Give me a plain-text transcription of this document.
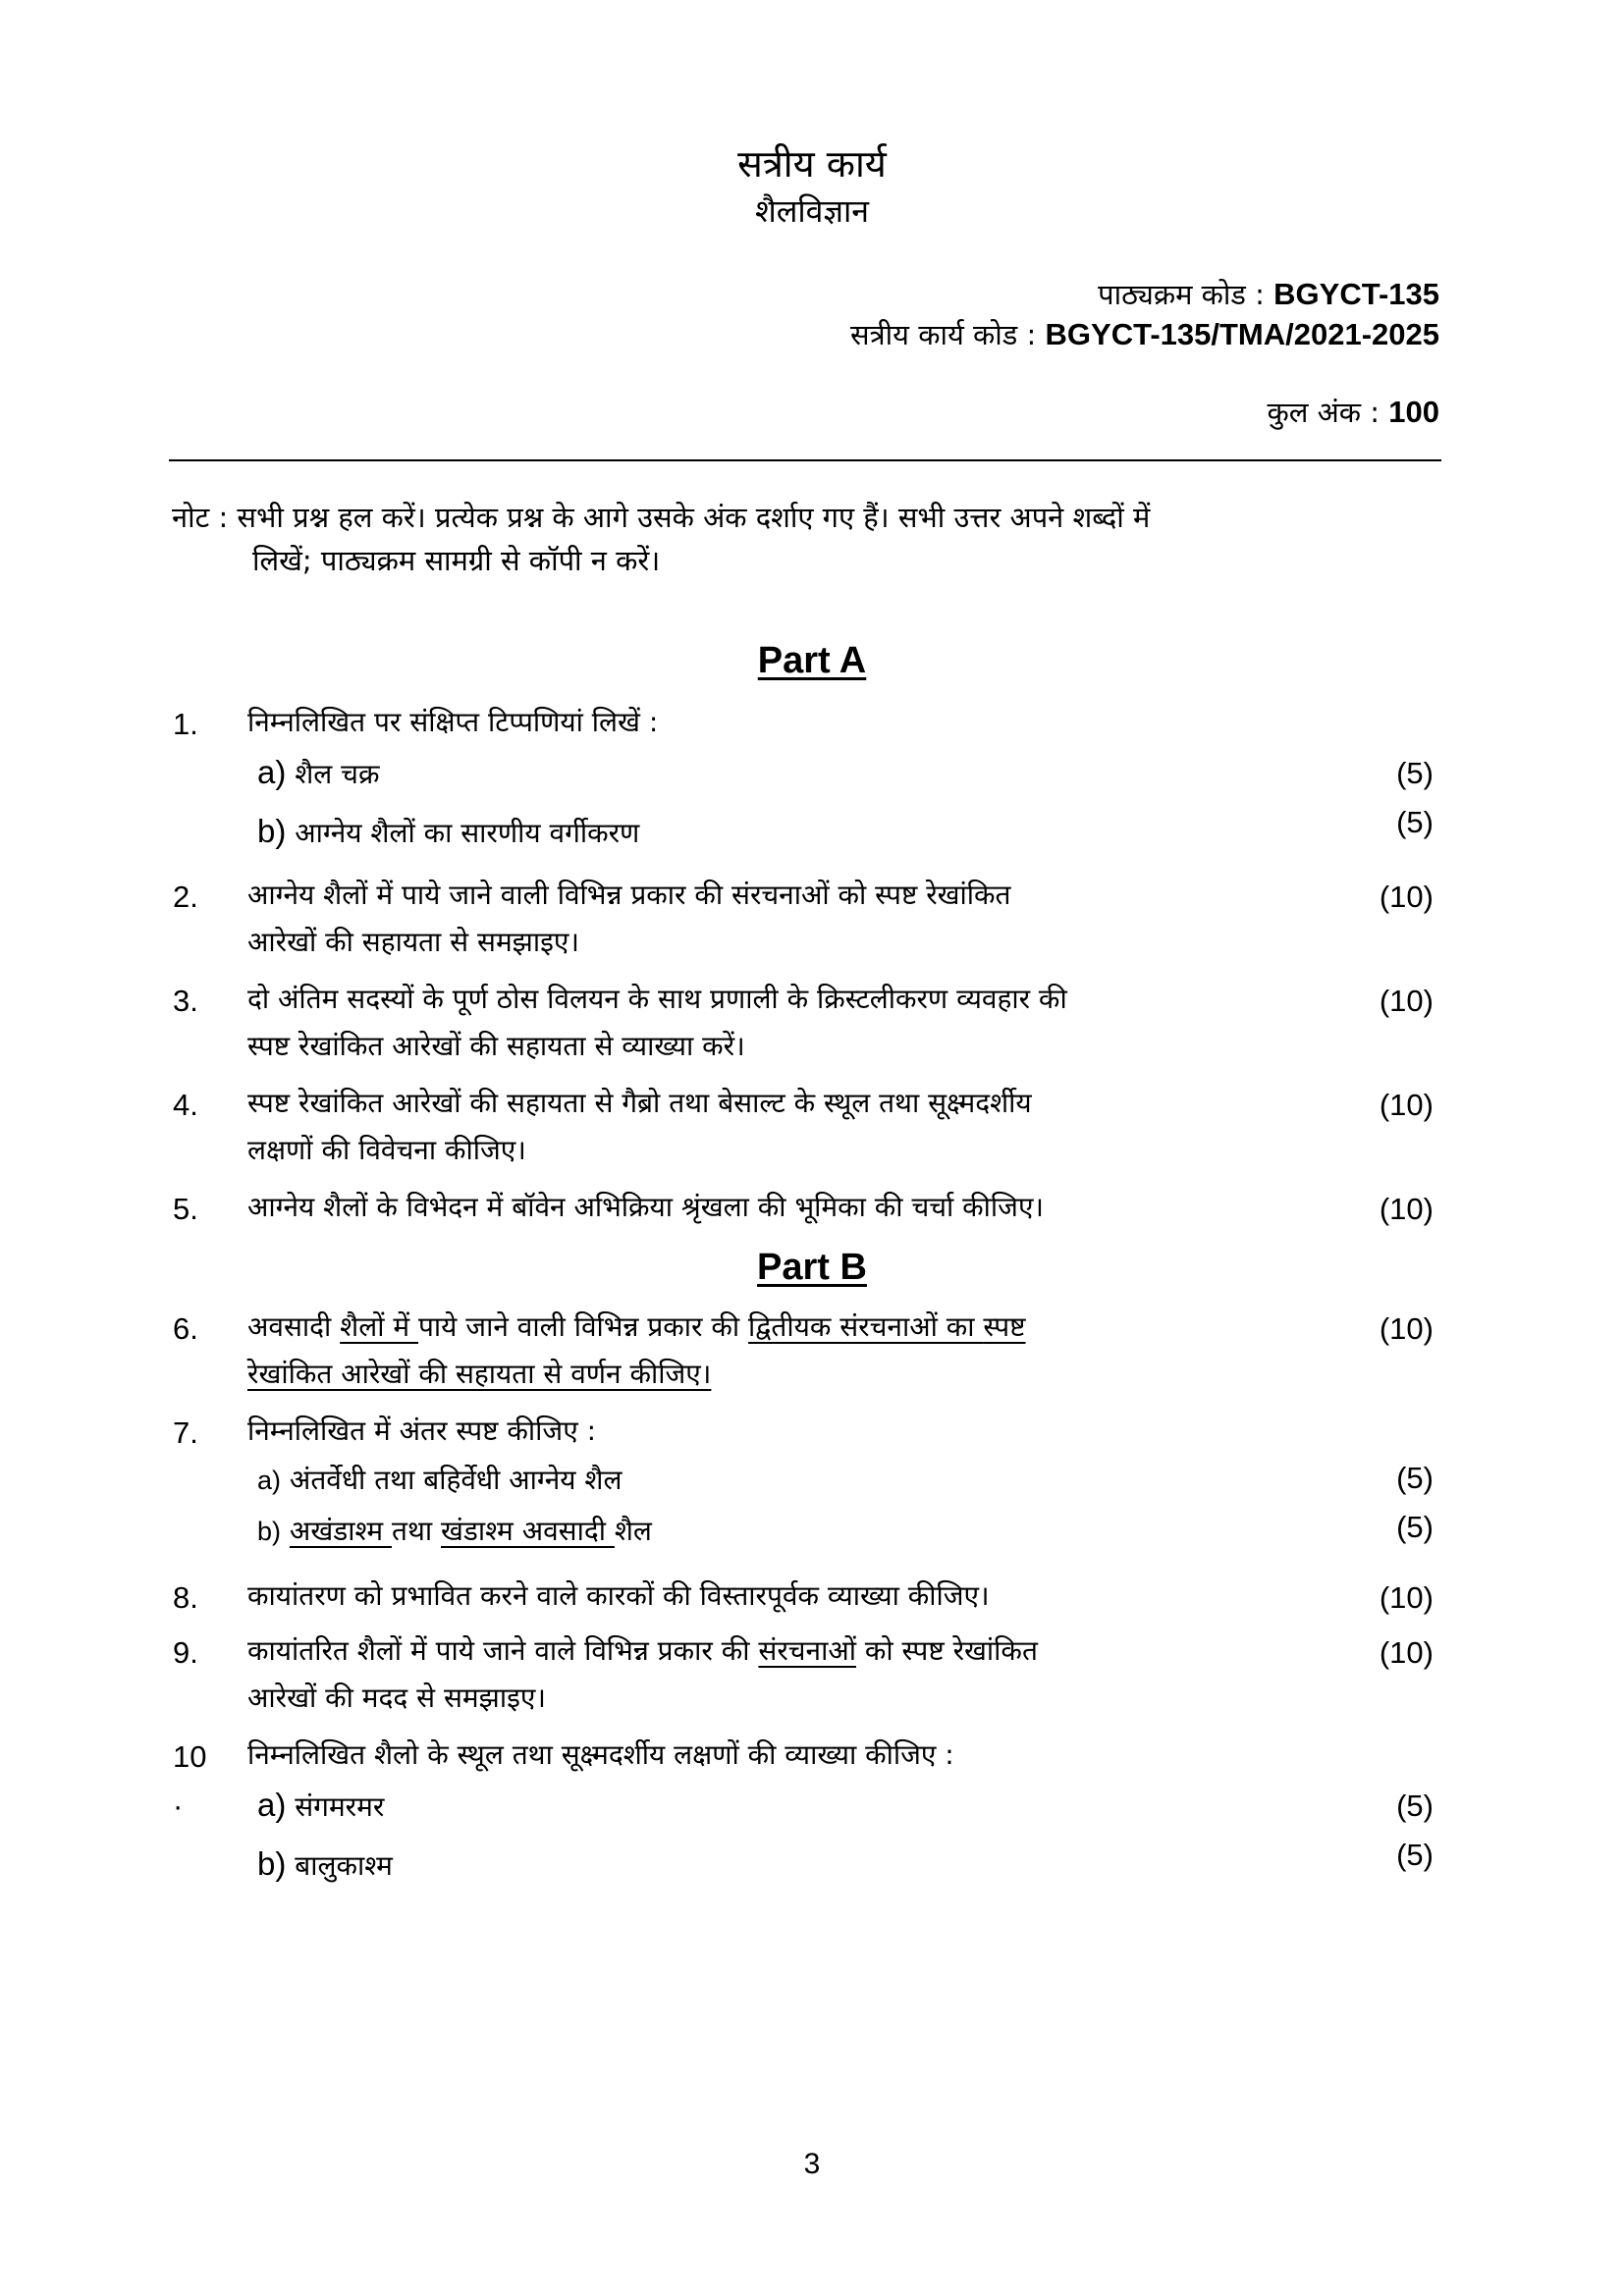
सत्रीय कार्य
शैलविज्ञान
पाठ्यक्रम कोड : BGYCT-135
सत्रीय कार्य कोड : BGYCT-135/TMA/2021-2025
कुल अंक : 100
नोट : सभी प्रश्न हल करें। प्रत्येक प्रश्न के आगे उसके अंक दर्शाए गए हैं। सभी उत्तर अपने शब्दों में
लिखें; पाठ्यक्रम सामग्री से कॉपी न करें।
Part A
1. निम्नलिखित पर संक्षिप्त टिप्पणियां लिखें :
a) शैल चक्र	(5)
b) आग्नेय शैलों का सारणीय वर्गीकरण	(5)
2. आग्नेय शैलों में पाये जाने वाली विभिन्न प्रकार की संरचनाओं को स्पष्ट रेखांकित
आरेखों की सहायता से समझाइए।
(10)
3. दो अंतिम सदस्यों के पूर्ण ठोस विलयन के साथ प्रणाली के क्रिस्टलीकरण व्यवहार की
स्पष्ट रेखांकित आरेखों की सहायता से व्याख्या करें।
(10)
4. स्पष्ट रेखांकित आरेखों की सहायता से गैब्रो तथा बेसाल्ट के स्थूल तथा सूक्ष्मदर्शीय
लक्षणों की विवेचना कीजिए।
(10)
5. आग्नेय शैलों के विभेदन में बॉवेन अभिक्रिया श्रृंखला की भूमिका की चर्चा कीजिए।	(10)
Part B
6. अवसादी शैलों में पाये जाने वाली विभिन्न प्रकार की द्वितीयक संरचनाओं का स्पष्ट
रेखांकित आरेखों की सहायता से वर्णन कीजिए।
(10)
7. निम्नलिखित में अंतर स्पष्ट कीजिए :
a) अंतर्वेधी तथा बहिर्वेधी आग्नेय शैल	(5)
b) अखंडाश्म तथा खंडाश्म अवसादी शैल	(5)
8. कायांतरण को प्रभावित करने वाले कारकों की विस्तारपूर्वक व्याख्या कीजिए।	(10)
9. कायांतरित शैलों में पाये जाने वाले विभिन्न प्रकार की संरचनाओं को स्पष्ट रेखांकित
आरेखों की मदद से समझाइए।
(10)
10
·
निम्नलिखित शैलो के स्थूल तथा सूक्ष्मदर्शीय लक्षणों की व्याख्या कीजिए :
a) संगमरमर	(5)
b) बालुकाश्म	(5)
3
